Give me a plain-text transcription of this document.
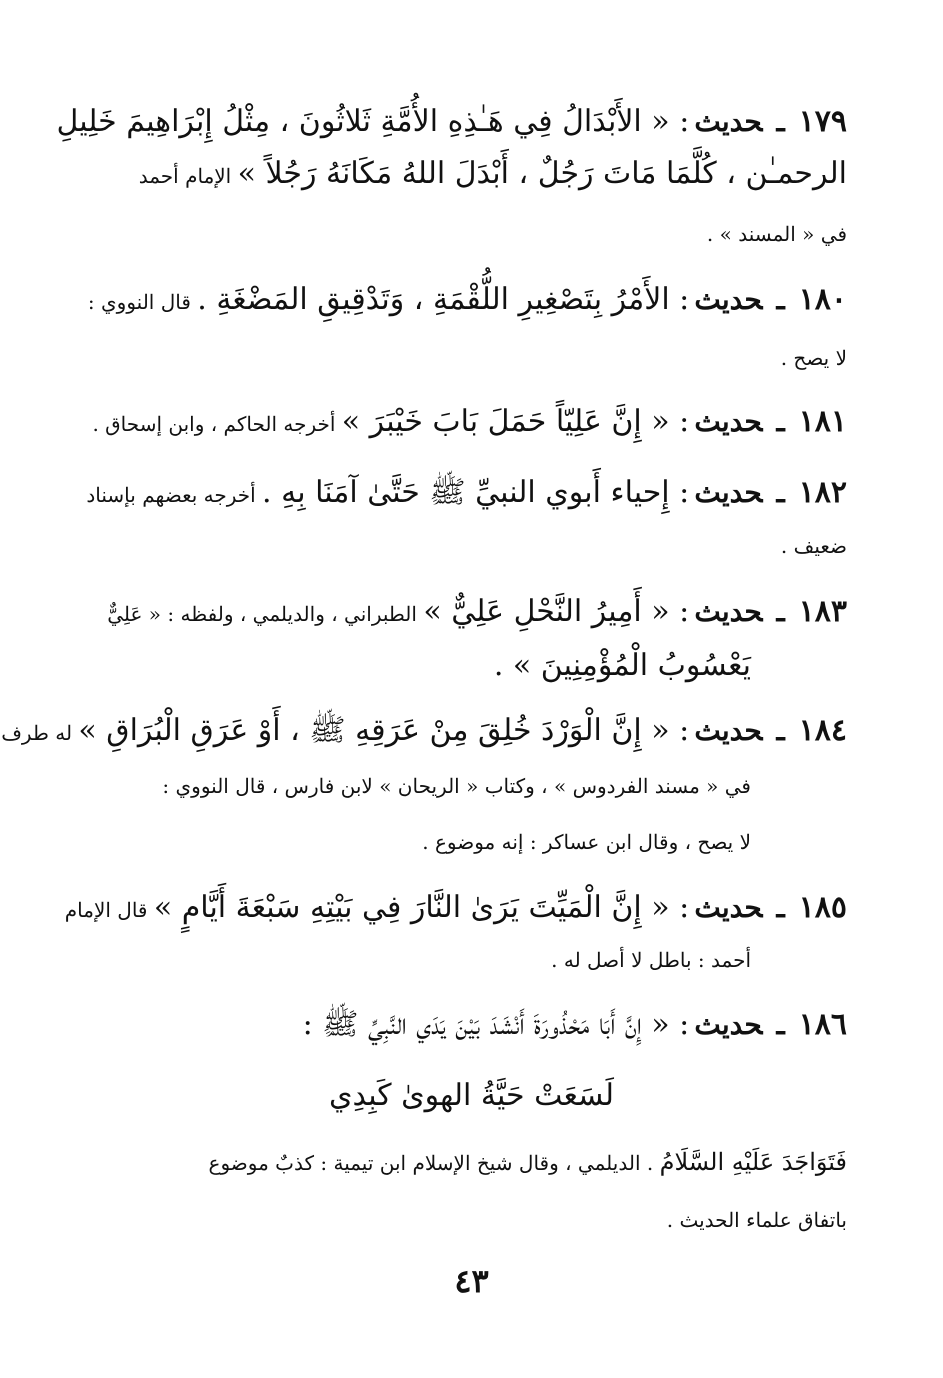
١٧٩ـحديث : « الأَبْدَالُ فِي هَـٰذِهِ الأُمَّةِ ثَلاثُونَ ، مِثْلُ إِبْرَاهِيمَ خَلِيلِ
الرحمـٰن ، كُلَّمَا مَاتَ رَجُلٌ ، أَبْدَلَ اللهُ مَكَانَهُ رَجُلاً » الإمام أحمد
في « المسند » .
١٨٠ـحديث : الأَمْرُ بِتَصْغِيرِ اللُّقْمَةِ ، وَتَدْقِيقِ المَضْغَةِ . قال النووي :
لا يصح .
١٨١ـحديث : « إِنَّ عَلِيّاً حَمَلَ بَابَ خَيْبَرَ » أخرجه الحاكم ، وابن إسحاق .
١٨٢ـحديث : إِحياء أَبوي النبيِّ ﷺ حَتَّىٰ آمَنَا بِهِ . أخرجه بعضهم بإسناد
ضعيف .
١٨٣ـحديث : « أَمِيرُ النَّحْلِ عَلِيٌّ » الطبراني ، والديلمي ، ولفظه : « عَلِيٌّ
يَعْسُوبُ الْمُؤْمِنِينَ » .
١٨٤ـحديث : « إِنَّ الْوَرْدَ خُلِقَ مِنْ عَرَقِهِ ﷺ ، أَوْ عَرَقِ الْبُرَاقِ » له طرف
في « مسند الفردوس » ، وكتاب « الريحان » لابن فارس ، قال النووي :
لا يصح ، وقال ابن عساكر : إنه موضوع .
١٨٥ـحديث : « إِنَّ الْمَيِّتَ يَرَىٰ النَّارَ فِي بَيْتِهِ سَبْعَةَ أَيَّامٍ » قال الإمام
أحمد : باطل لا أصل له .
١٨٦ـحديث : « إِنَّ أَبَا مَحْذُورَةَ أَنْشَدَ بَيْنَ يَدَي النَّبِيِّ ﷺ :
لَسَعَتْ حَيَّةُ الهوىٰ كَبِدِي
فَتَوَاجَدَ عَلَيْهِ السَّلَامُ . الديلمي ، وقال شيخ الإسلام ابن تيمية : كذبٌ موضوع
باتفاق علماء الحديث .
٤٣
